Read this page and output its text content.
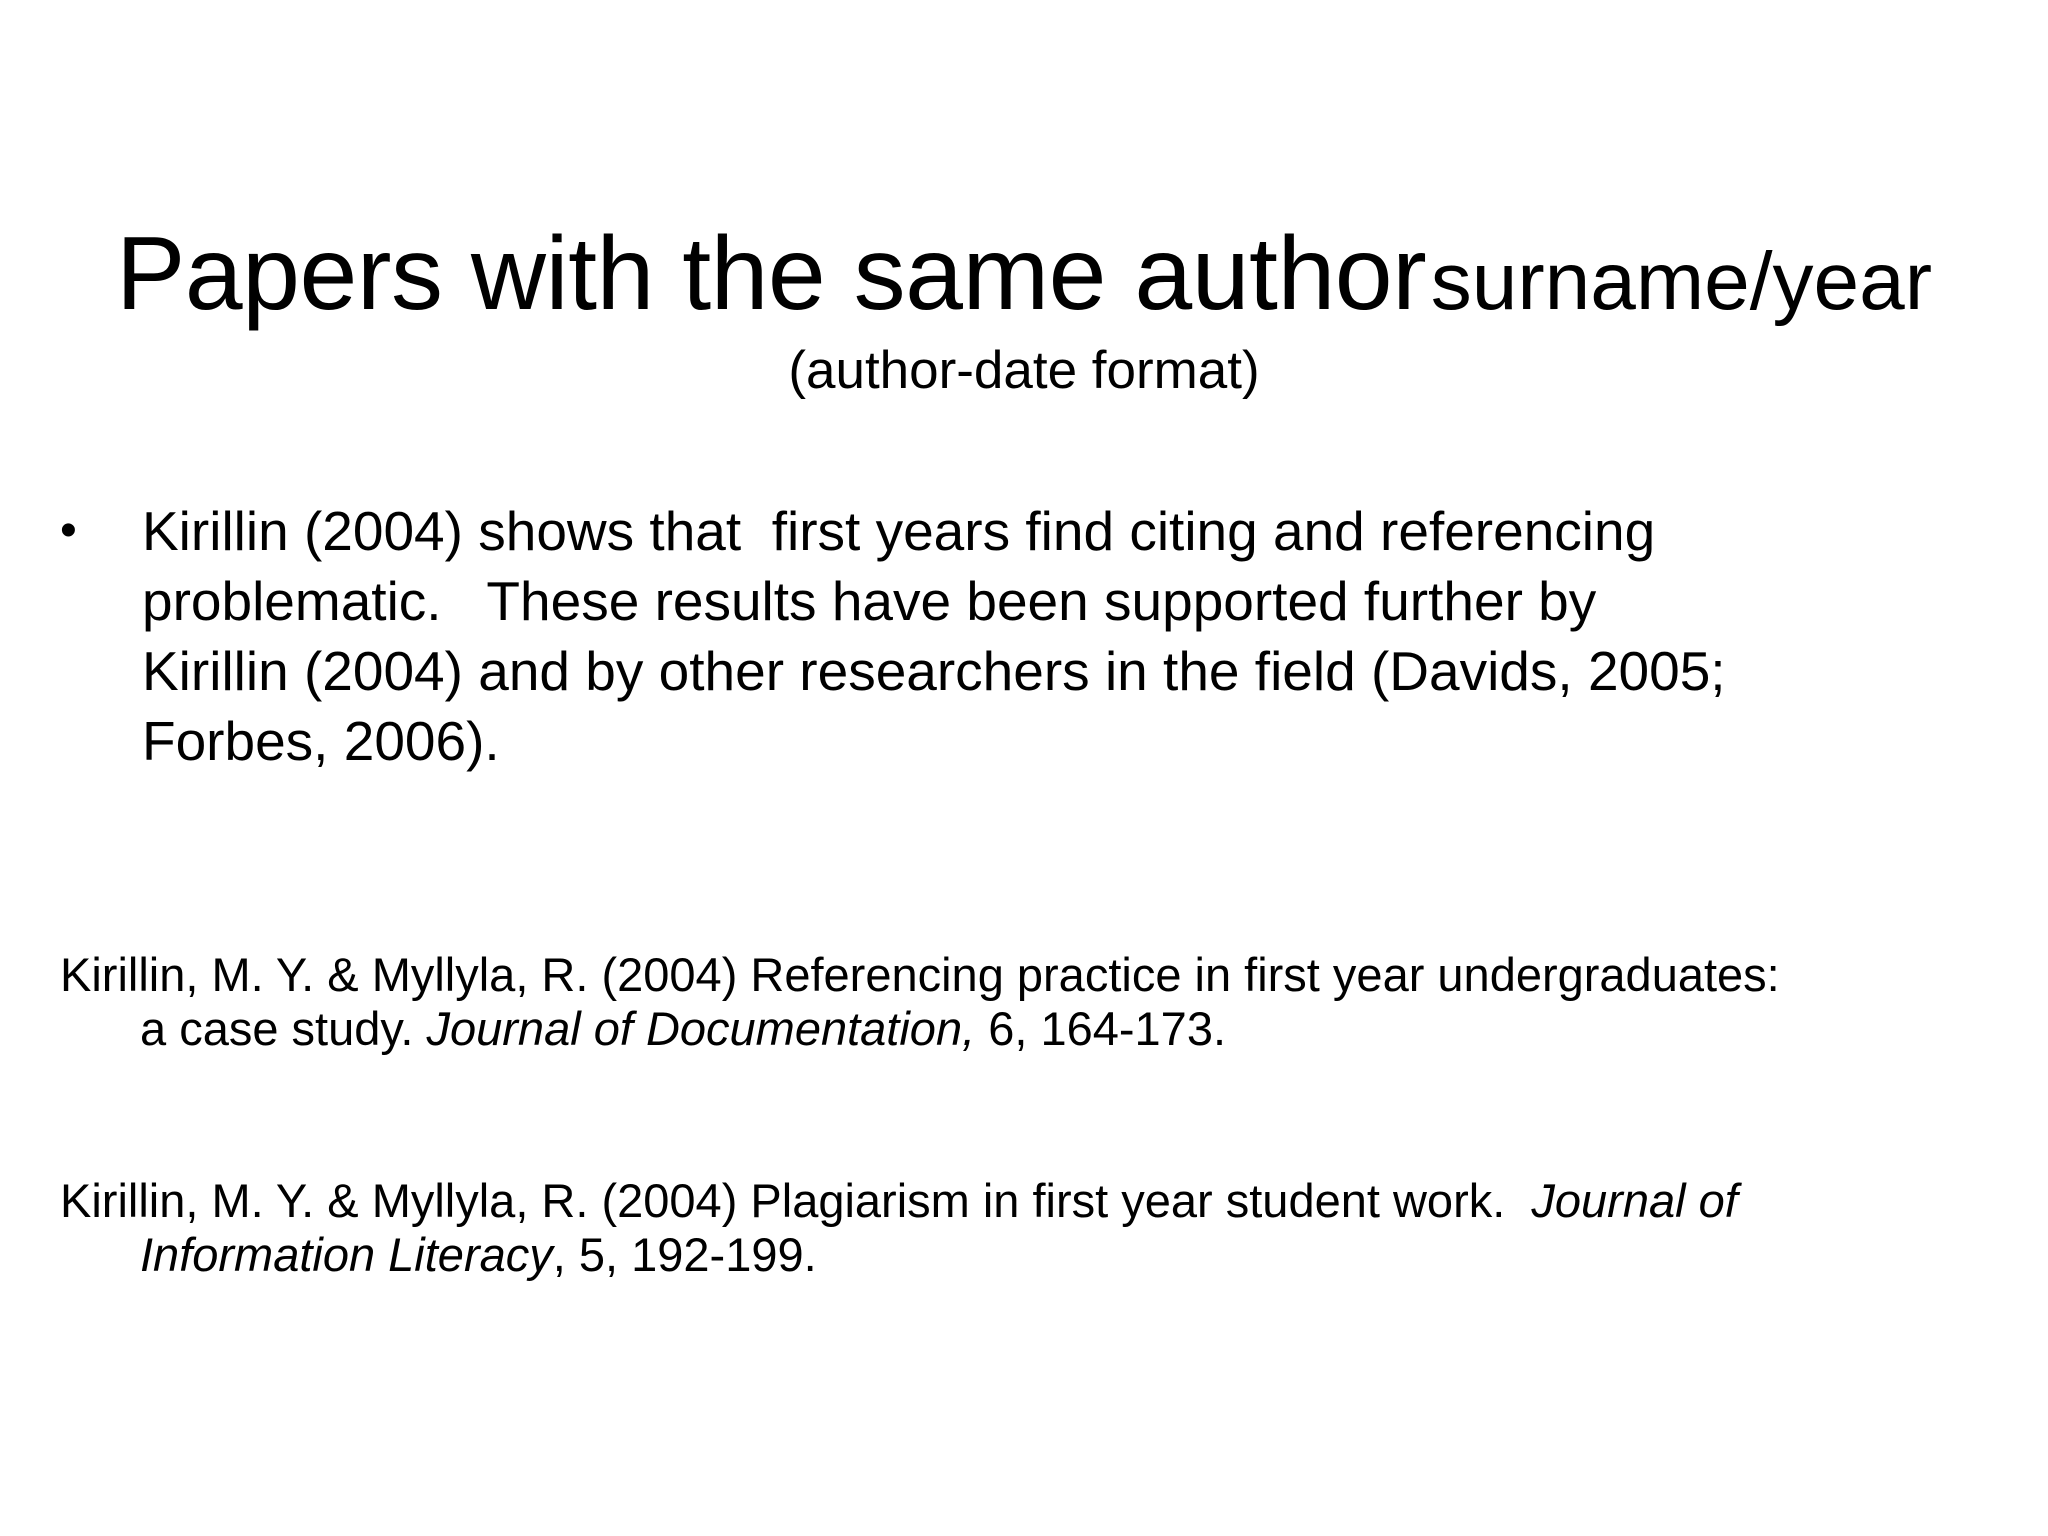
Papers with the same author surname/year
(author-date format)
•	Kirillin (2004) shows that  first years find citing and referencing
problematic.   These results have been supported further by
Kirillin (2004) and by other researchers in the field (Davids, 2005;
Forbes, 2006).
Kirillin, M. Y. & Myllyla, R. (2004) Referencing practice in first year undergraduates:
a case study. Journal of Documentation, 6, 164-173.
Kirillin, M. Y. & Myllyla, R. (2004) Plagiarism in first year student work.  Journal of
Information Literacy, 5, 192-199.
